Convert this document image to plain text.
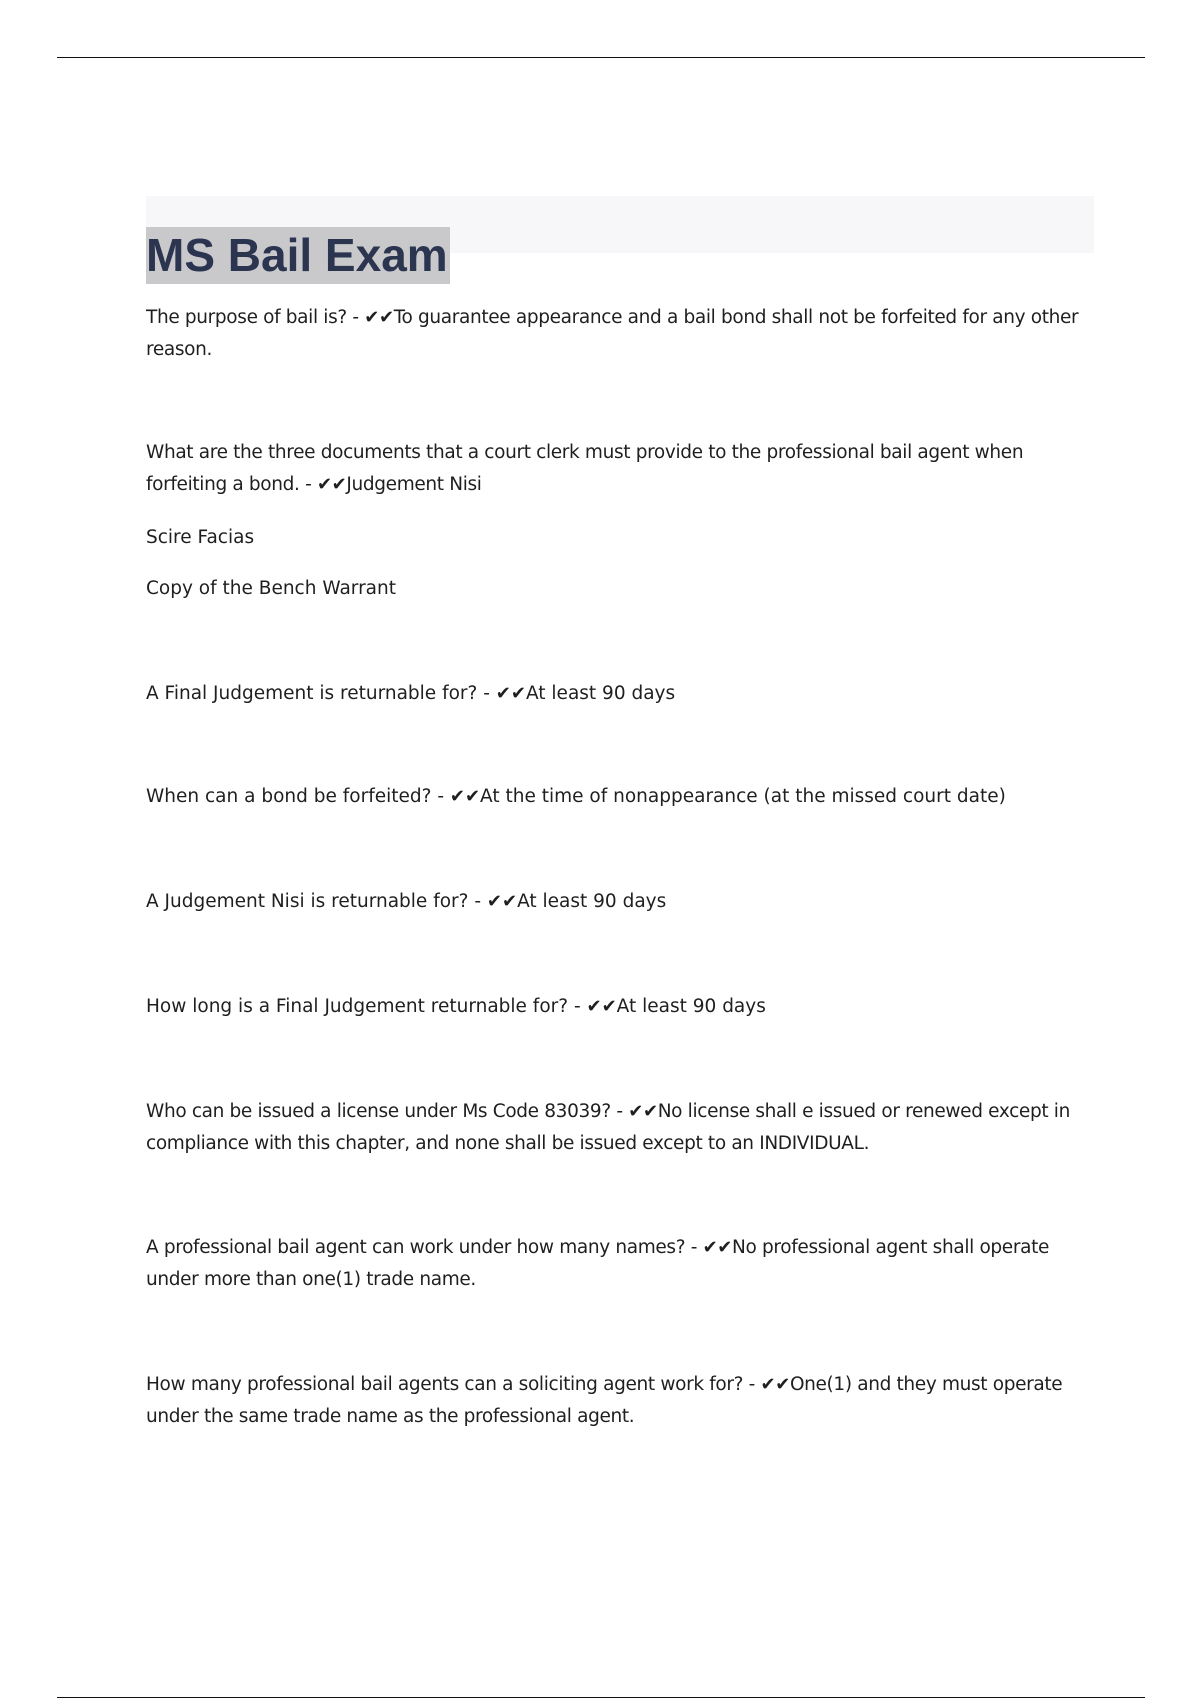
MS Bail Exam

The purpose of bail is? - ✔︎✔︎To guarantee appearance and a bail bond shall not be forfeited for any other reason.

What are the three documents that a court clerk must provide to the professional bail agent when forfeiting a bond. - ✔︎✔︎Judgement Nisi

Scire Facias

Copy of the Bench Warrant

A Final Judgement is returnable for? - ✔︎✔︎At least 90 days

When can a bond be forfeited? - ✔︎✔︎At the time of nonappearance (at the missed court date)

A Judgement Nisi is returnable for? - ✔︎✔︎At least 90 days

How long is a Final Judgement returnable for? - ✔︎✔︎At least 90 days

Who can be issued a license under Ms Code 83039? - ✔︎✔︎No license shall e issued or renewed except in compliance with this chapter, and none shall be issued except to an INDIVIDUAL.

A professional bail agent can work under how many names? - ✔︎✔︎No professional agent shall operate under more than one(1) trade name.

How many professional bail agents can a soliciting agent work for? - ✔︎✔︎One(1) and they must operate under the same trade name as the professional agent.
